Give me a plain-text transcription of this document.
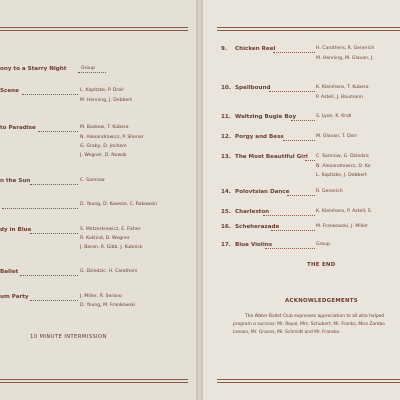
ony to a Starry Night	Group
Scene	L. Kapitzke, P. Drall
M. Henning, J. Debbert
to Paradise	M. Baskow, T. Kubera
N. Alexandrowicz, P. Shenar
G. Graby, D. Jochem
J. Wegner, D. Nowak
n the Sun	C. Samrow
D. Young, D. Kowske, C. Rakowski
dy in Blue	S. Metzerkiewicz, E. Fisher
R. Kuklind, D. Wegner
J. Baran, R. Gibb, J. Kubnick
Ballet	G. Dziedzic, H. Carothers
um Party	J. Miller, R. Serano
D. Young, M. Frankowski
10 MINUTE INTERMISSION
9.	Chicken Reel	H. Carothers, R. Generich
M. Henning, M. Glavan, J.
10. Spellbound	K. Kleinhans, T. Kubera
P. Astell, J. Baumann
11. Waltzing Bugle Boy	S. Lyon, K. Kroll
12. Porgy and Bess	M. Glavan, T. Dorr
13. The Most Beautiful Girl C. Samrow, G. Dziedzic
N. Alexandrowicz, D. Ko
L. Kapitzke, J. Debbert
14. Polovtsian Dance	R. Generich
15. Charleston	K. Kleinhans, P. Astell, S.
16. Scheherazade	M. Frankowski, J. Miller
17. Blue Violins	Group
THE END
ACKNOWLEDGEMENTS
The Water Ballet Club expresses appreciation to all who helped
program a success: Mr. Royal, Mrs. Schubert, Mr. Franks, Miss Zambo
Lessen, Mr. Graves, Mr. Schmidt and Mr. Franske.
